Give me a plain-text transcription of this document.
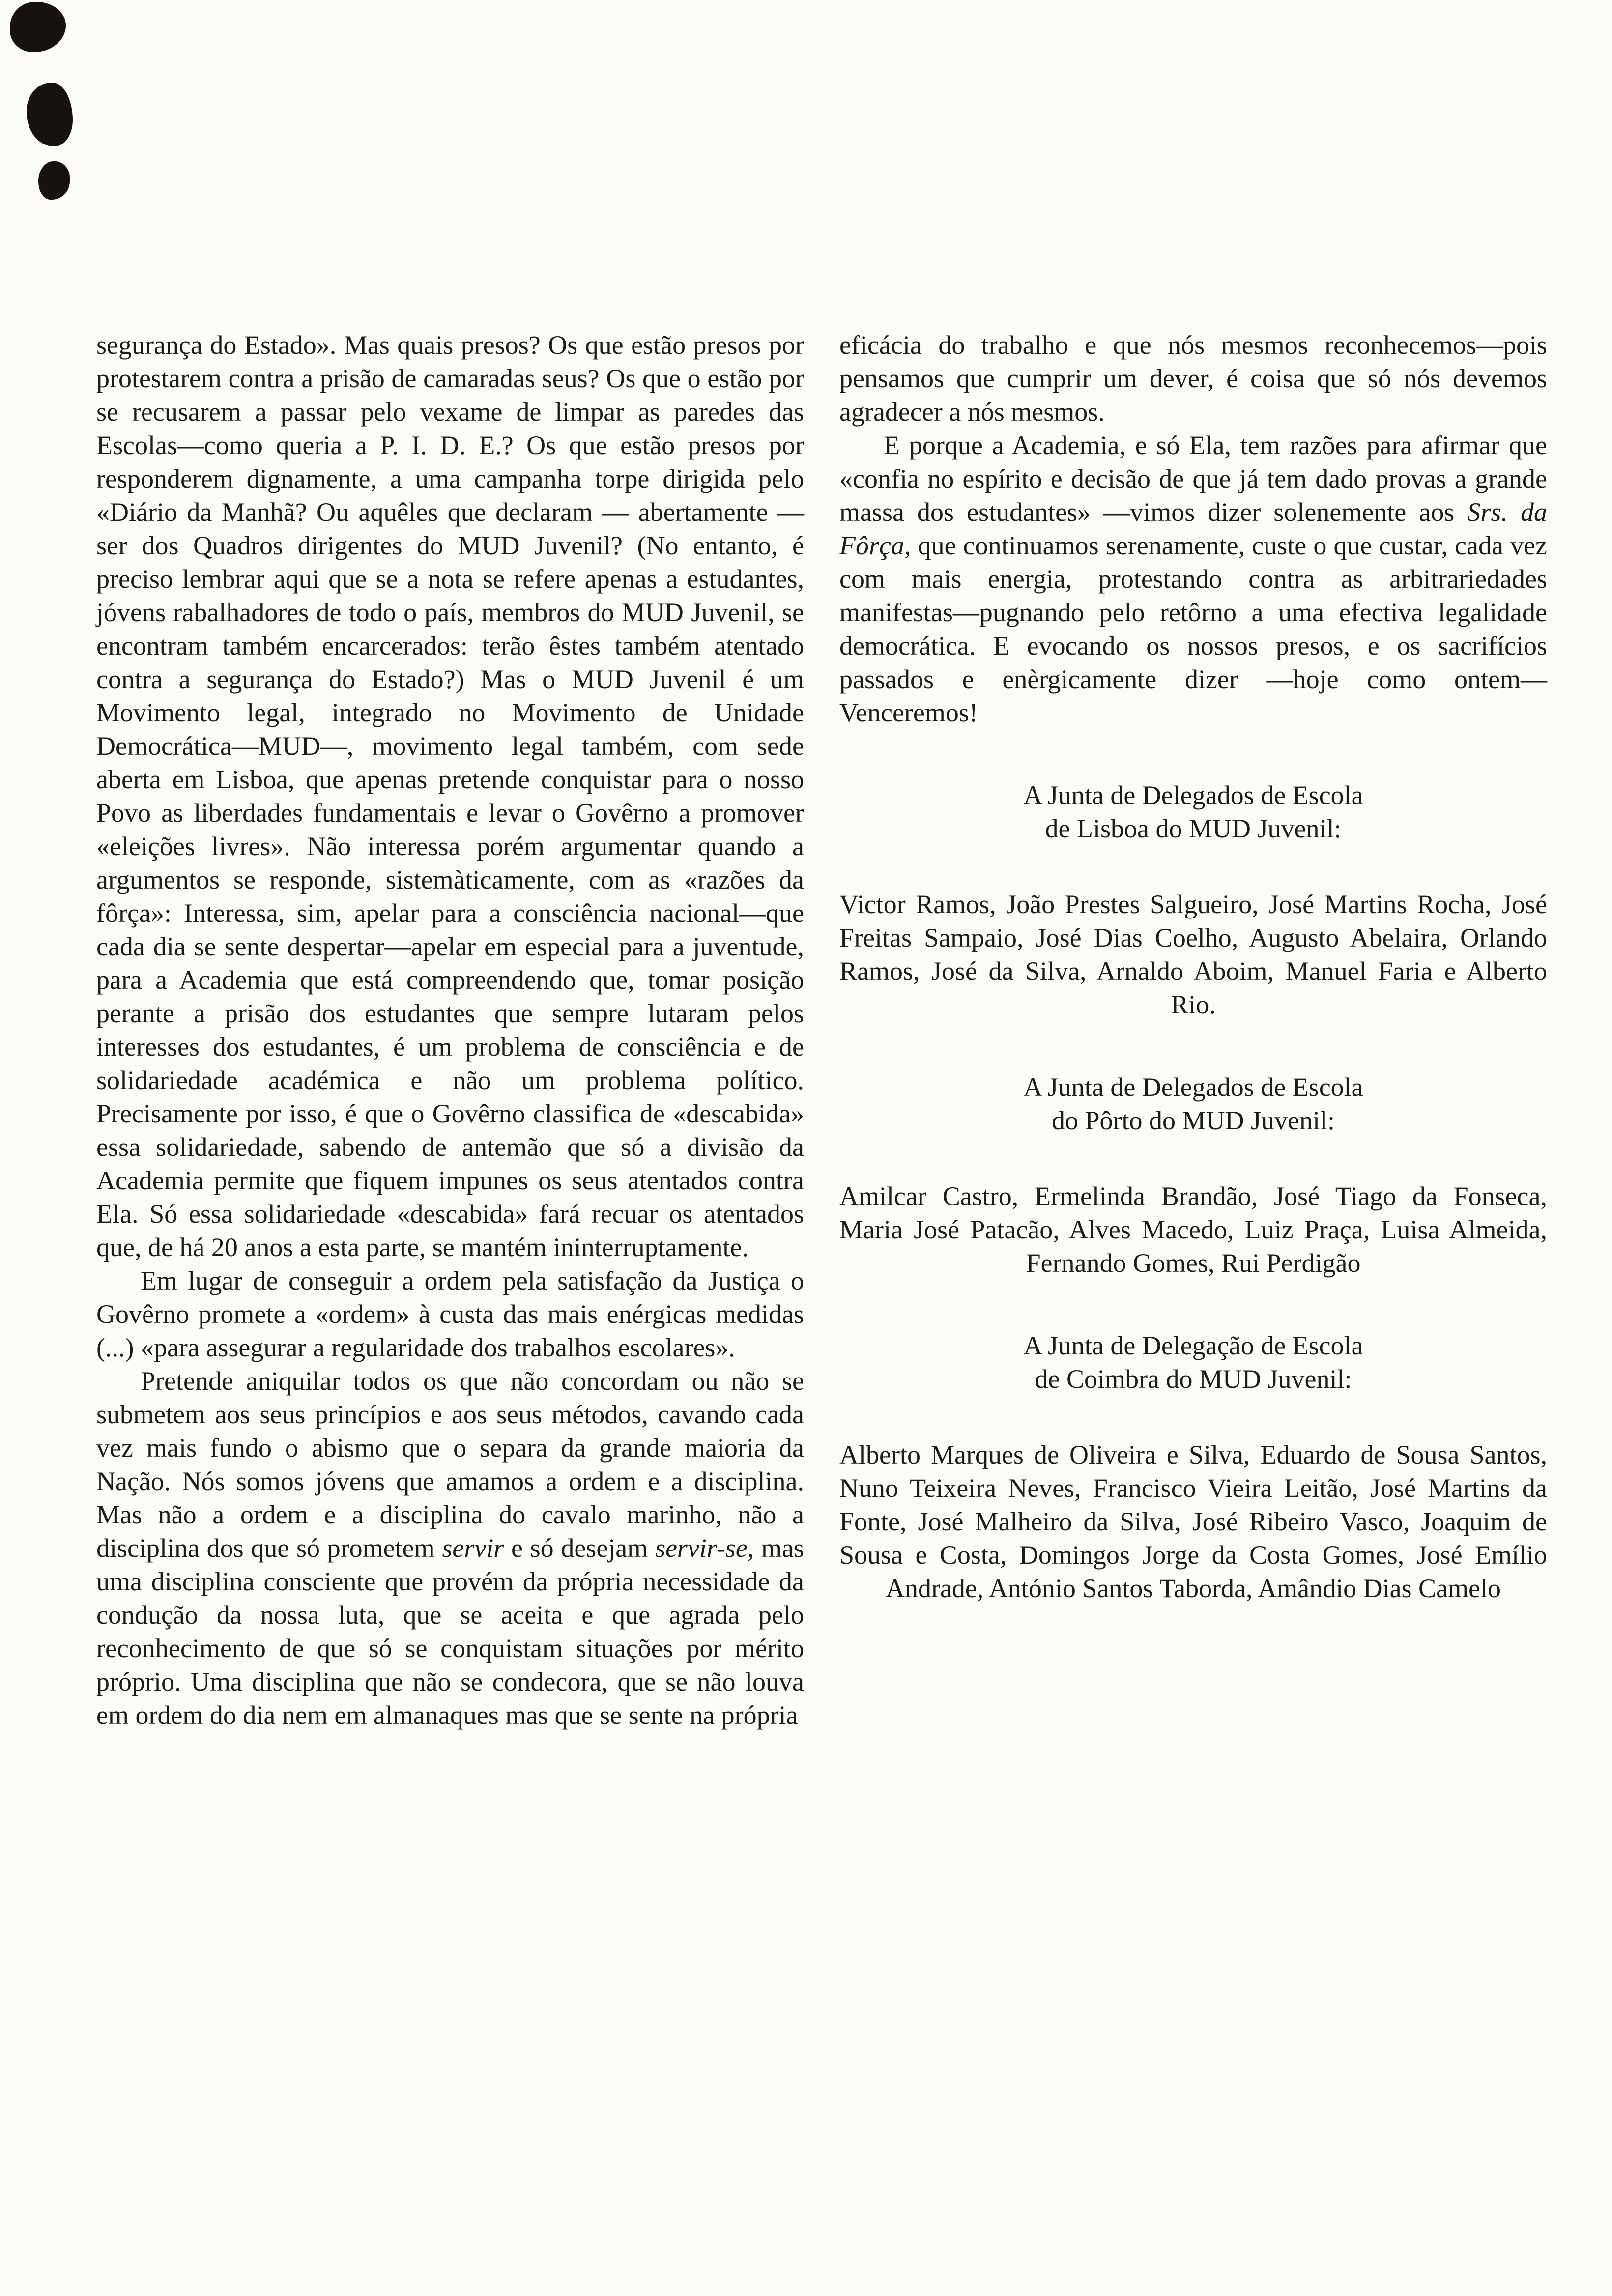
segurança do Estado». Mas quais presos? Os que estão presos por protestarem contra a prisão de camaradas seus? Os que o estão por se recusarem a passar pelo vexame de limpar as paredes das Escolas—como queria a P. I. D. E.? Os que estão presos por responderem dignamente, a uma campanha torpe dirigida pelo «Diário da Manhã? Ou aquêles que declaram — abertamente — ser dos Quadros dirigentes do MUD Juvenil? (No entanto, é preciso lembrar aqui que se a nota se refere apenas a estudantes, jóvens rabalhadores de todo o país, membros do MUD Juvenil, se encontram também encarcerados: terão êstes também atentado contra a segurança do Estado?) Mas o MUD Juvenil é um Movimento legal, integrado no Movimento de Unidade Democrática—MUD—, movimento legal também, com sede aberta em Lisboa, que apenas pretende conquistar para o nosso Povo as liberdades fundamentais e levar o Govêrno a promover «eleições livres». Não interessa porém argumentar quando a argumentos se responde, sistemàticamente, com as «razões da fôrça»: Interessa, sim, apelar para a consciência nacional—que cada dia se sente despertar—apelar em especial para a juventude, para a Academia que está compreendendo que, tomar posição perante a prisão dos estudantes que sempre lutaram pelos interesses dos estudantes, é um problema de consciência e de solidariedade académica e não um problema político. Precisamente por isso, é que o Govêrno classifica de «descabida» essa solidariedade, sabendo de antemão que só a divisão da Academia permite que fiquem impunes os seus atentados contra Ela. Só essa solidariedade «descabida» fará recuar os atentados que, de há 20 anos a esta parte, se mantém ininterruptamente.

Em lugar de conseguir a ordem pela satisfação da Justiça o Govêrno promete a «ordem» à custa das mais enérgicas medidas (...) «para assegurar a regularidade dos trabalhos escolares».

Pretende aniquilar todos os que não concordam ou não se submetem aos seus princípios e aos seus métodos, cavando cada vez mais fundo o abismo que o separa da grande maioria da Nação. Nós somos jóvens que amamos a ordem e a disciplina. Mas não a ordem e a disciplina do cavalo marinho, não a disciplina dos que só prometem servir e só desejam servir-se, mas uma disciplina consciente que provém da própria necessidade da condução da nossa luta, que se aceita e que agrada pelo reconhecimento de que só se conquistam situações por mérito próprio. Uma disciplina que não se condecora, que se não louva em ordem do dia nem em almanaques mas que se sente na própria

eficácia do trabalho e que nós mesmos reconhecemos—pois pensamos que cumprir um dever, é coisa que só nós devemos agradecer a nós mesmos.

E porque a Academia, e só Ela, tem razões para afirmar que «confia no espírito e decisão de que já tem dado provas a grande massa dos estudantes» —vimos dizer solenemente aos Srs. da Fôrça, que continuamos serenamente, custe o que custar, cada vez com mais energia, protestando contra as arbitrariedades manifestas—pugnando pelo retôrno a uma efectiva legalidade democrática. E evocando os nossos presos, e os sacrifícios passados e enèrgicamente dizer —hoje como ontem—Venceremos!

A Junta de Delegados de Escola
de Lisboa do MUD Juvenil:

Victor Ramos, João Prestes Salgueiro, José Martins Rocha, José Freitas Sampaio, José Dias Coelho, Augusto Abelaira, Orlando Ramos, José da Silva, Arnaldo Aboim, Manuel Faria e Alberto Rio.

A Junta de Delegados de Escola
do Pôrto do MUD Juvenil:

Amilcar Castro, Ermelinda Brandão, José Tiago da Fonseca, Maria José Patacão, Alves Macedo, Luiz Praça, Luisa Almeida, Fernando Gomes, Rui Perdigão

A Junta de Delegação de Escola
de Coimbra do MUD Juvenil:

Alberto Marques de Oliveira e Silva, Eduardo de Sousa Santos, Nuno Teixeira Neves, Francisco Vieira Leitão, José Martins da Fonte, José Malheiro da Silva, José Ribeiro Vasco, Joaquim de Sousa e Costa, Domingos Jorge da Costa Gomes, José Emílio Andrade, António Santos Taborda, Amândio Dias Camelo
